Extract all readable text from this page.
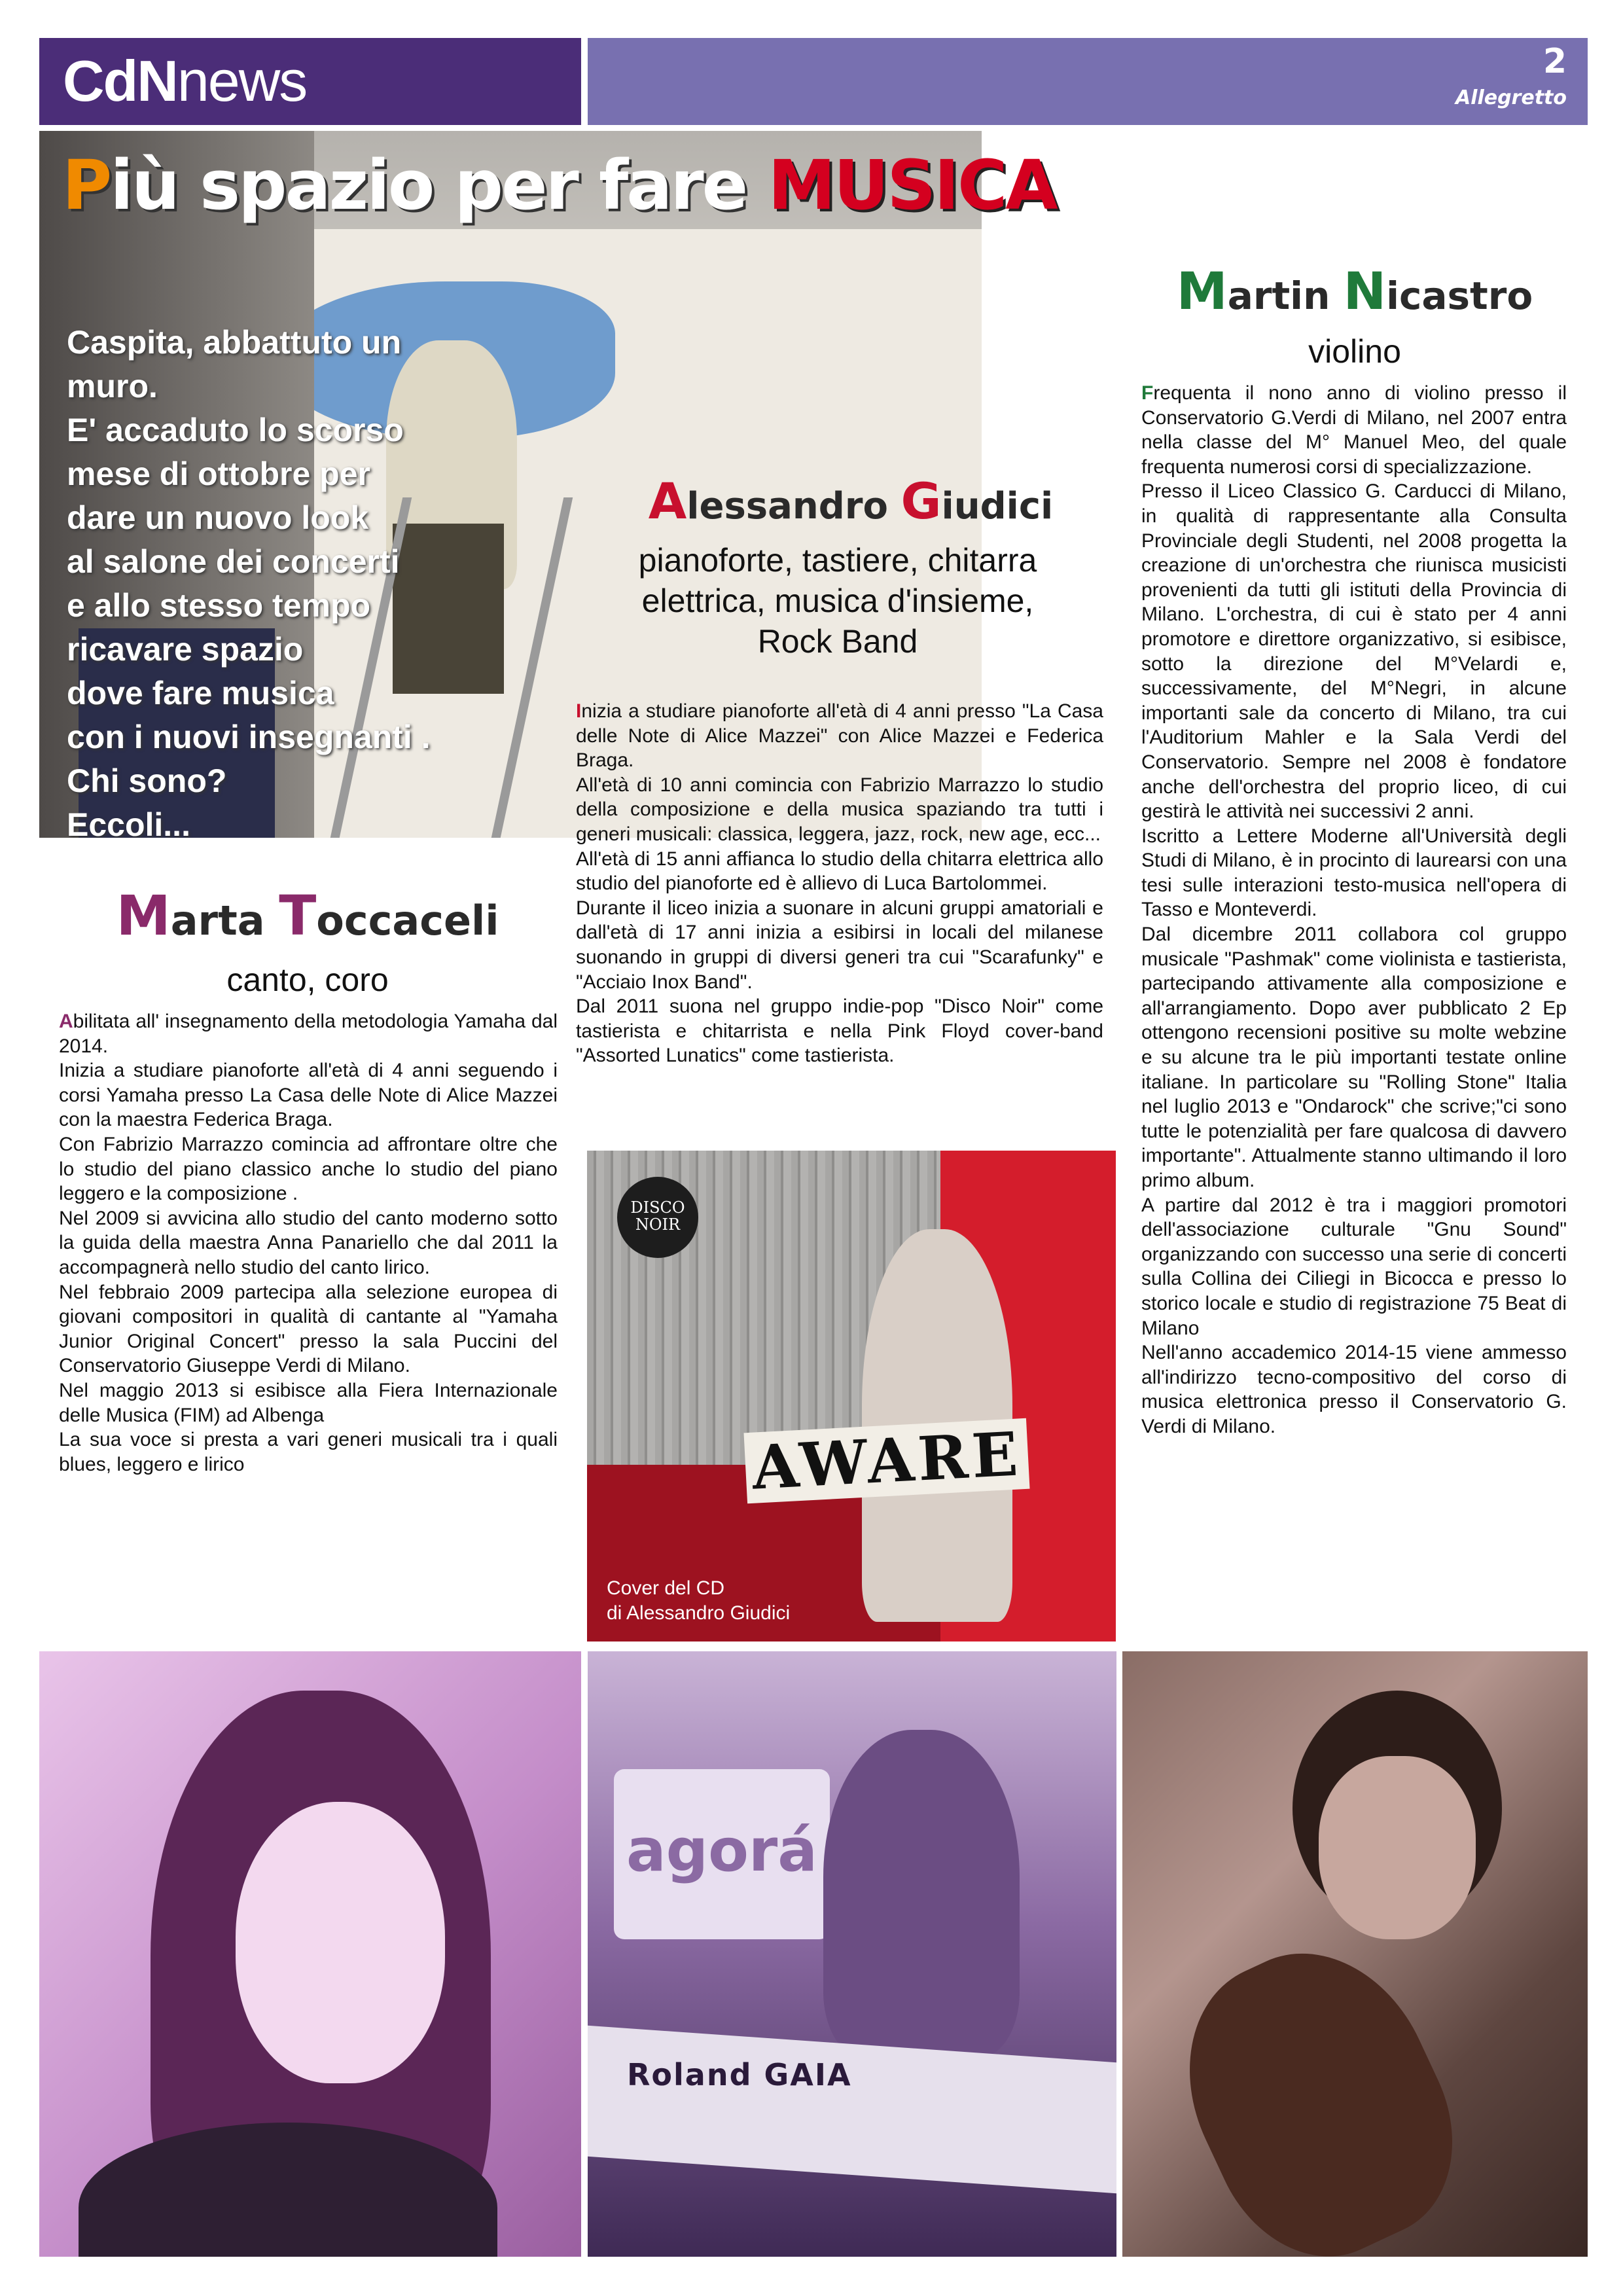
CdNnews	2
Allegretto
Caspita, abbattuto un muro.
E' accaduto lo scorso
mese di ottobre per
dare un nuovo look
al salone dei concerti
e allo stesso tempo
ricavare spazio
dove fare musica
con i nuovi insegnanti .
Chi sono?
Eccoli...
Più spazio per fare MUSICA
Alessandro Giudici
pianoforte, tastiere, chitarra
elettrica, musica d'insieme,
Rock Band

Inizia a studiare pianoforte all'età di 4 anni presso "La Casa delle Note di Alice Mazzei" con Alice Mazzei e Federica Braga.

All'età di 10 anni comincia con Fabrizio Marrazzo lo studio della composizione e della musica spaziando tra tutti i generi musicali: classica, leggera, jazz, rock, new age, ecc...

All'età di 15 anni affianca lo studio della chitarra elettrica allo studio del pianoforte ed è allievo di Luca Bartolommei.

Durante il liceo inizia a suonare in alcuni gruppi amatoriali e dall'età di 17 anni inizia a esibirsi in locali del milanese suonando in gruppi di diversi generi tra cui "Scarafunky" e "Acciaio Inox Band".

Dal 2011 suona nel gruppo indie-pop "Disco Noir" come tastierista e chitarrista e nella Pink Floyd cover-band "Assorted Lunatics" come tastierista.

Martin Nicastro
violino

Frequenta il nono anno di violino presso il Conservatorio G.Verdi di Milano, nel 2007 entra nella classe del M° Manuel Meo, del quale frequenta numerosi corsi di specializzazione.

Presso il Liceo Classico G. Carducci di Milano, in qualità di rappresentante alla Consulta Provinciale degli Studenti, nel 2008 progetta la creazione di un'orchestra che riunisca musicisti provenienti da tutti gli istituti della Provincia di Milano. L'orchestra, di cui è stato per 4 anni promotore e direttore organizzativo, si esibisce, sotto la direzione del M°Velardi e, successivamente, del M°Negri, in alcune importanti sale da concerto di Milano, tra cui l'Auditorium Mahler e la Sala Verdi del Conservatorio. Sempre nel 2008 è fondatore anche dell'orchestra del proprio liceo, di cui gestirà le attività nei successivi 2 anni.

Iscritto a Lettere Moderne all'Università degli Studi di Milano, è in procinto di laurearsi con una tesi sulle interazioni testo-musica nell'opera di Tasso e Monteverdi.

Dal dicembre 2011 collabora col gruppo musicale "Pashmak" come violinista e tastierista, partecipando attivamente alla composizione e all'arrangiamento. Dopo aver pubblicato 2 Ep ottengono recensioni positive su molte webzine e su alcune tra le più importanti testate online italiane. In particolare su "Rolling Stone" Italia nel luglio 2013 e "Ondarock" che scrive;"ci sono tutte le potenzialità per fare qualcosa di davvero importante". Attualmente stanno ultimando il loro primo album.

A partire dal 2012 è tra i maggiori promotori dell'associazione culturale "Gnu Sound" organizzando con successo una serie di concerti sulla Collina dei Ciliegi in Bicocca e presso lo storico locale e studio di registrazione 75 Beat di Milano

Nell'anno accademico 2014-15 viene ammesso all'indirizzo tecno-compositivo del corso di musica elettronica presso il Conservatorio G. Verdi di Milano.

Marta Toccaceli
canto, coro

Abilitata all' insegnamento della metodologia Yamaha dal 2014.

Inizia a studiare pianoforte all'età di 4 anni seguendo i corsi Yamaha presso La Casa delle Note di Alice Mazzei con la maestra Federica Braga.

Con Fabrizio Marrazzo comincia ad affrontare oltre che lo studio del piano classico anche lo studio del piano leggero e la composizione .

Nel 2009 si avvicina allo studio del canto moderno sotto la guida della maestra Anna Panariello che dal 2011 la accompagnerà nello studio del canto lirico.

Nel febbraio 2009 partecipa alla selezione europea di giovani compositori in qualità di cantante al "Yamaha Junior Original Concert" presso la sala Puccini del Conservatorio Giuseppe Verdi di Milano.

Nel maggio 2013 si esibisce alla Fiera Internazionale delle Musica (FIM) ad Albenga

La sua voce si presta a vari generi musicali tra i quali blues, leggero e lirico

DISCO
NOIR
AWARE
Cover del CD
di Alessandro Giudici
agorá
Roland GAIA
